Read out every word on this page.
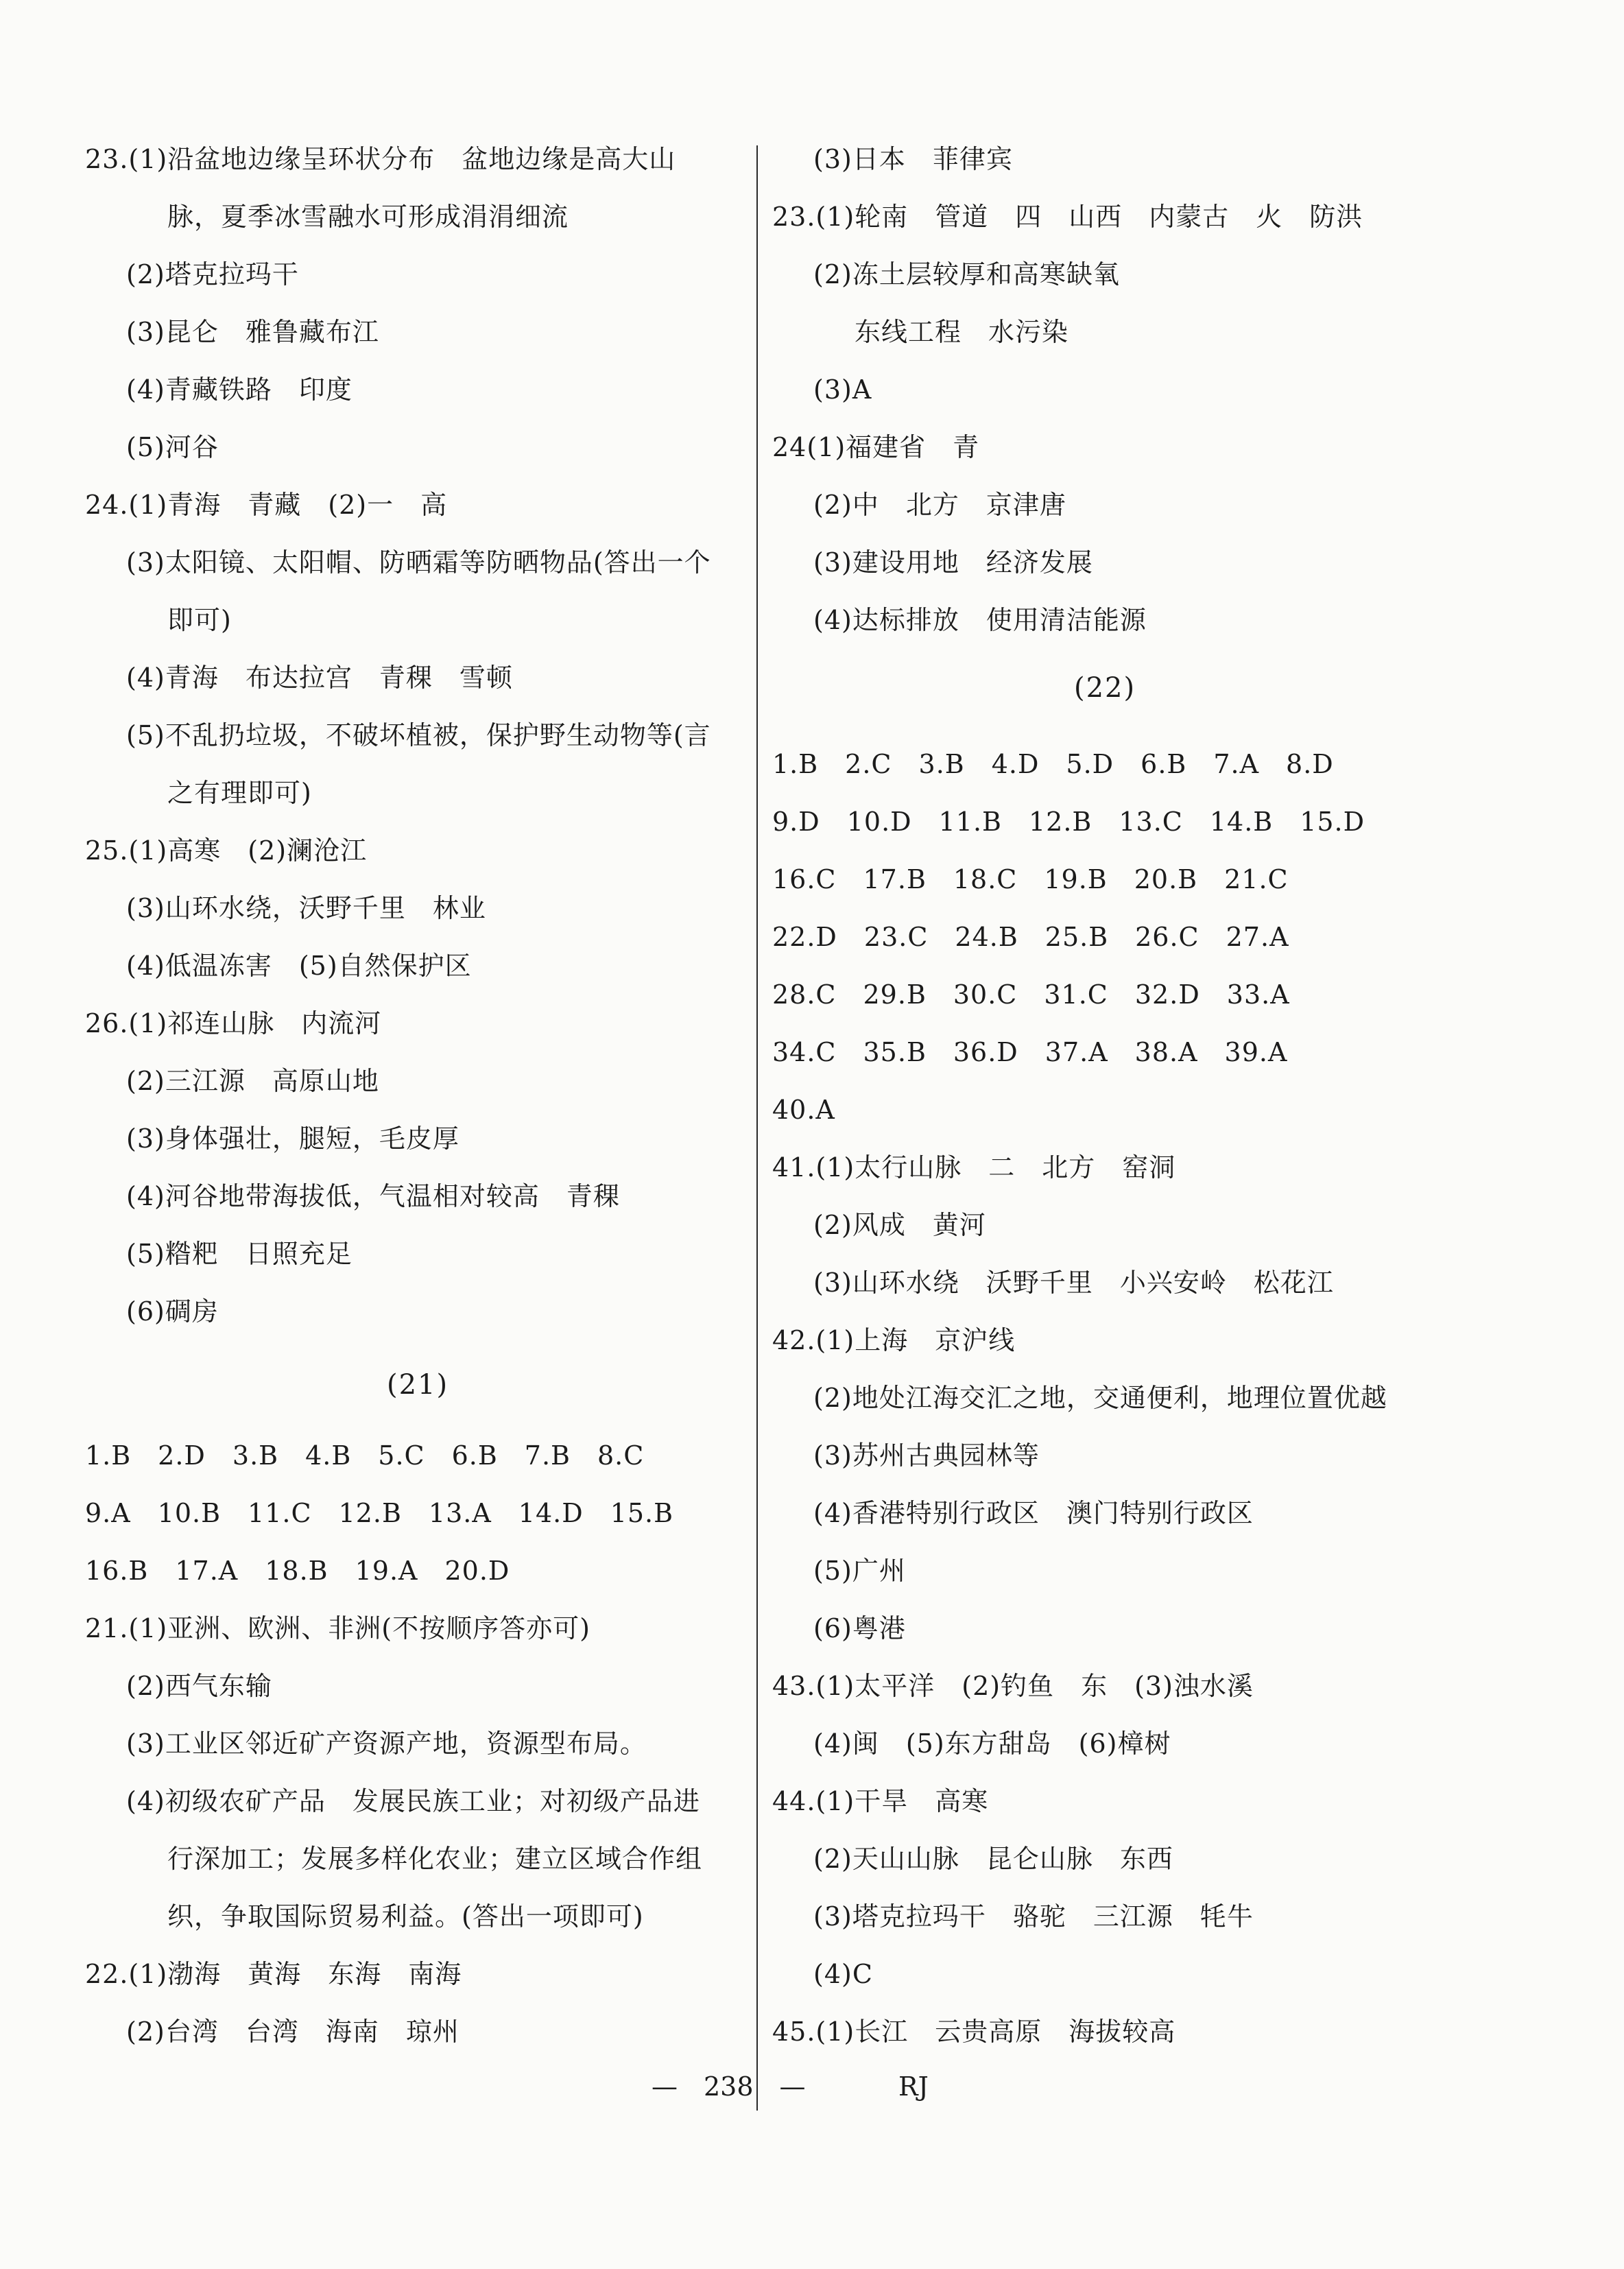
23.(1)沿盆地边缘呈环状分布　盆地边缘是高大山
脉，夏季冰雪融水可形成涓涓细流
(2)塔克拉玛干
(3)昆仑　雅鲁藏布江
(4)青藏铁路　印度
(5)河谷
24.(1)青海　青藏　(2)一　高
(3)太阳镜、太阳帽、防晒霜等防晒物品(答出一个
即可)
(4)青海　布达拉宫　青稞　雪顿
(5)不乱扔垃圾，不破坏植被，保护野生动物等(言
之有理即可)
25.(1)高寒　(2)澜沧江
(3)山环水绕，沃野千里　林业
(4)低温冻害　(5)自然保护区
26.(1)祁连山脉　内流河
(2)三江源　高原山地
(3)身体强壮，腿短，毛皮厚
(4)河谷地带海拔低，气温相对较高　青稞
(5)糌粑　日照充足
(6)碉房
(21)
1.B　2.D　3.B　4.B　5.C　6.B　7.B　8.C
9.A　10.B　11.C　12.B　13.A　14.D　15.B
16.B　17.A　18.B　19.A　20.D
21.(1)亚洲、欧洲、非洲(不按顺序答亦可)
(2)西气东输
(3)工业区邻近矿产资源产地，资源型布局。
(4)初级农矿产品　发展民族工业；对初级产品进
行深加工；发展多样化农业；建立区域合作组
织，争取国际贸易利益。(答出一项即可)
22.(1)渤海　黄海　东海　南海
(2)台湾　台湾　海南　琼州
(3)日本　菲律宾
23.(1)轮南　管道　四　山西　内蒙古　火　防洪
(2)冻土层较厚和高寒缺氧
东线工程　水污染
(3)A
24(1)福建省　青
(2)中　北方　京津唐
(3)建设用地　经济发展
(4)达标排放　使用清洁能源
(22)
1.B　2.C　3.B　4.D　5.D　6.B　7.A　8.D
9.D　10.D　11.B　12.B　13.C　14.B　15.D
16.C　17.B　18.C　19.B　20.B　21.C
22.D　23.C　24.B　25.B　26.C　27.A
28.C　29.B　30.C　31.C　32.D　33.A
34.C　35.B　36.D　37.A　38.A　39.A
40.A
41.(1)太行山脉　二　北方　窑洞
(2)风成　黄河
(3)山环水绕　沃野千里　小兴安岭　松花江
42.(1)上海　京沪线
(2)地处江海交汇之地，交通便利，地理位置优越
(3)苏州古典园林等
(4)香港特别行政区　澳门特别行政区
(5)广州
(6)粤港
43.(1)太平洋　(2)钓鱼　东　(3)浊水溪
(4)闽　(5)东方甜岛　(6)樟树
44.(1)干旱　高寒
(2)天山山脉　昆仑山脉　东西
(3)塔克拉玛干　骆驼　三江源　牦牛
(4)C
45.(1)长江　云贵高原　海拔较高
—　238　—	RJ
